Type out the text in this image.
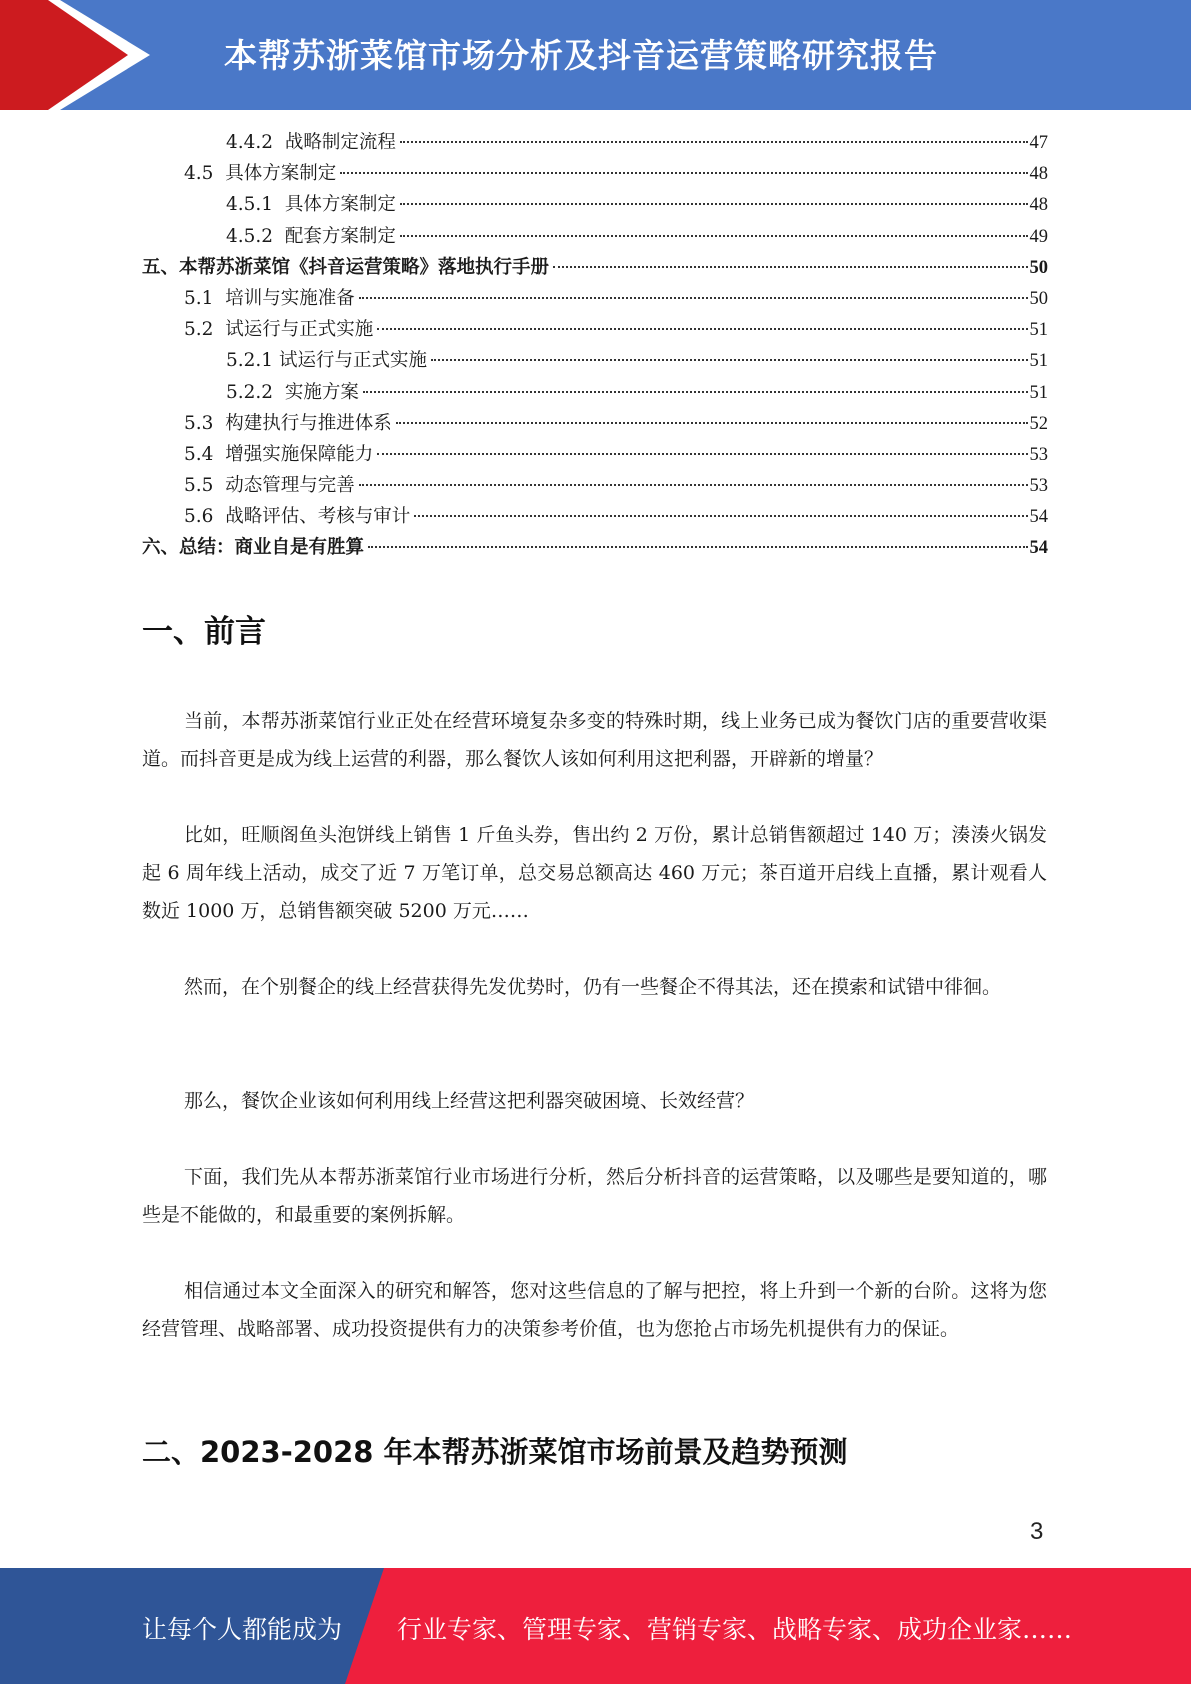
本帮苏浙菜馆市场分析及抖音运营策略研究报告
4.4.2 战略制定流程	47
4.5 具体方案制定	48
4.5.1 具体方案制定	48
4.5.2 配套方案制定	49
五、本帮苏浙菜馆《抖音运营策略》落地执行手册	50
5.1 培训与实施准备	50
5.2 试运行与正式实施	51
5.2.1 试运行与正式实施	51
5.2.2 实施方案	51
5.3 构建执行与推进体系	52
5.4 增强实施保障能力	53
5.5 动态管理与完善	53
5.6 战略评估、考核与审计	54
六、总结：商业自是有胜算	54
一、前言

当前，本帮苏浙菜馆行业正处在经营环境复杂多变的特殊时期，线上业务已成为餐饮门店的重要营收渠道。而抖音更是成为线上运营的利器，那么餐饮人该如何利用这把利器，开辟新的增量？

比如，旺顺阁鱼头泡饼线上销售 1 斤鱼头券，售出约 2 万份，累计总销售额超过 140 万；湊湊火锅发起 6 周年线上活动，成交了近 7 万笔订单，总交易总额高达 460 万元；茶百道开启线上直播，累计观看人数近 1000 万，总销售额突破 5200 万元……

然而，在个别餐企的线上经营获得先发优势时，仍有一些餐企不得其法，还在摸索和试错中徘徊。

那么，餐饮企业该如何利用线上经营这把利器突破困境、长效经营？

下面，我们先从本帮苏浙菜馆行业市场进行分析，然后分析抖音的运营策略，以及哪些是要知道的，哪些是不能做的，和最重要的案例拆解。

相信通过本文全面深入的研究和解答，您对这些信息的了解与把控，将上升到一个新的台阶。这将为您经营管理、战略部署、成功投资提供有力的决策参考价值，也为您抢占市场先机提供有力的保证。

二、2023-2028 年本帮苏浙菜馆市场前景及趋势预测
3
让每个人都能成为 行业专家、管理专家、营销专家、战略专家、成功企业家……
